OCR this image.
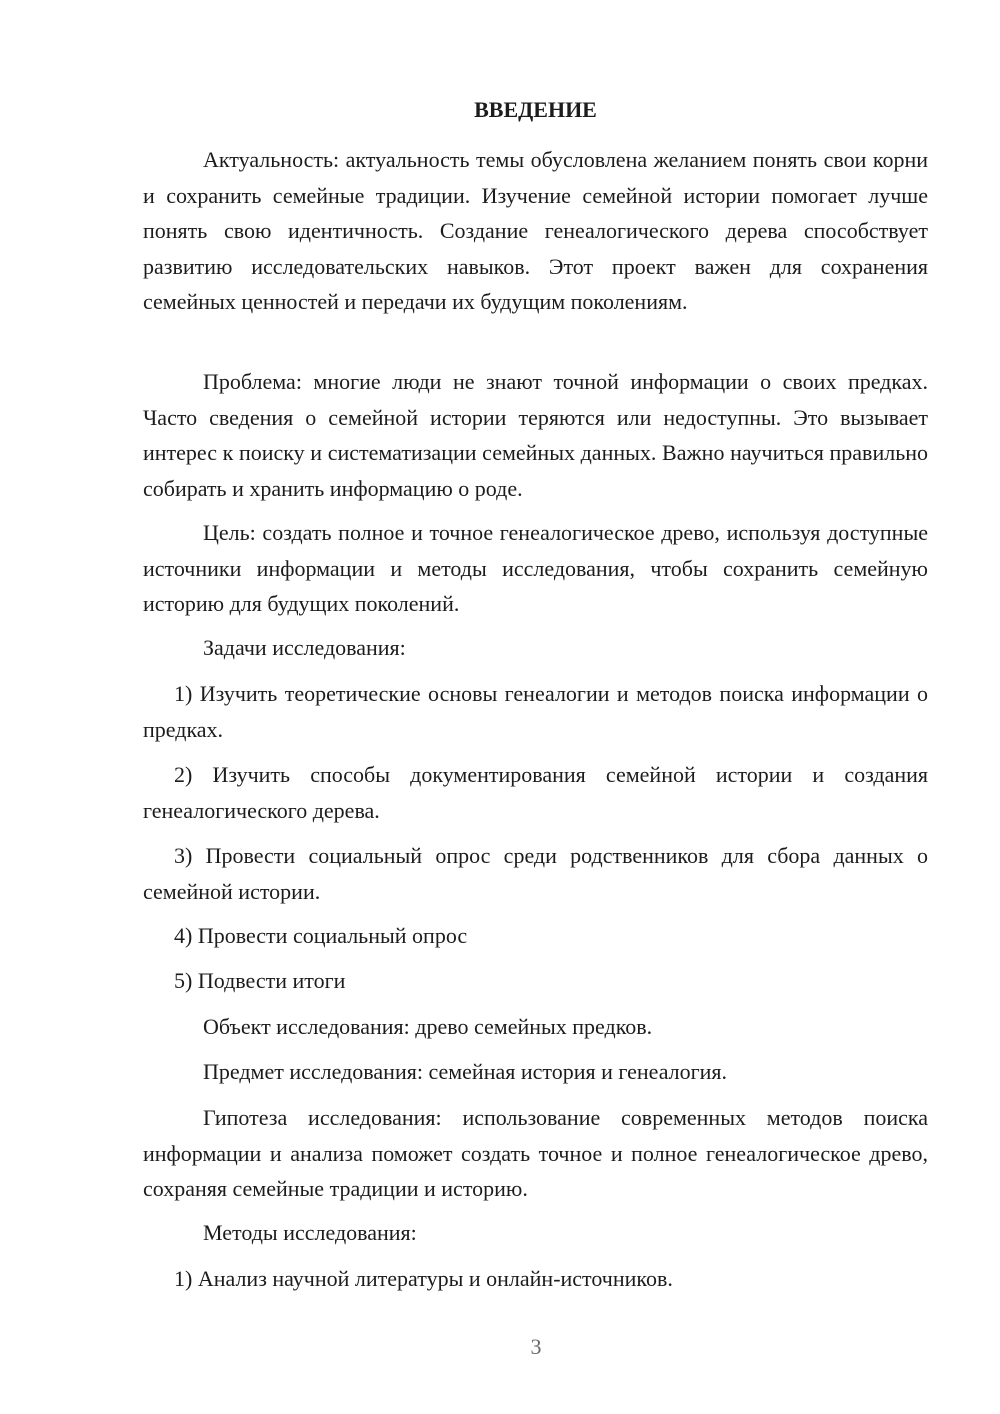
ВВЕДЕНИЕ

Актуальность: актуальность темы обусловлена желанием понять свои корни и сохранить семейные традиции. Изучение семейной истории помогает лучше понять свою идентичность. Создание генеалогического дерева способствует развитию исследовательских навыков. Этот проект важен для сохранения семейных ценностей и передачи их будущим поколениям.

Проблема: многие люди не знают точной информации о своих предках. Часто сведения о семейной истории теряются или недоступны. Это вызывает интерес к поиску и систематизации семейных данных. Важно научиться правильно собирать и хранить информацию о роде.

Цель: создать полное и точное генеалогическое древо, используя доступные источники информации и методы исследования, чтобы сохранить семейную историю для будущих поколений.

Задачи исследования:

1) Изучить теоретические основы генеалогии и методов поиска информации о предках.

2) Изучить способы документирования семейной истории и создания генеалогического дерева.

3) Провести социальный опрос среди родственников для сбора данных о семейной истории.

4) Провести социальный опрос

5) Подвести итоги

Объект исследования: древо семейных предков.

Предмет исследования: семейная история и генеалогия.

Гипотеза исследования: использование современных методов поиска информации и анализа поможет создать точное и полное генеалогическое древо, сохраняя семейные традиции и историю.

Методы исследования:

1) Анализ научной литературы и онлайн-источников.

3
